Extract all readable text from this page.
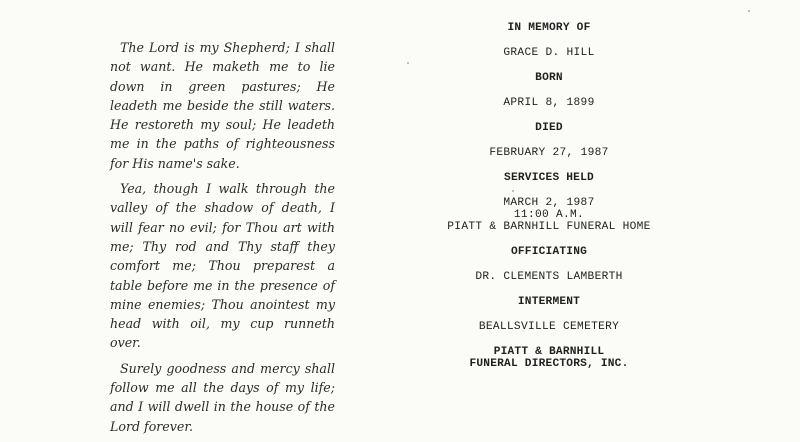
The Lord is my Shepherd; I shall not want. He maketh me to lie down in green pastures; He leadeth me beside the still waters. He restoreth my soul; He leadeth me in the paths of righteousness for His name's sake.

Yea, though I walk through the valley of the shadow of death, I will fear no evil; for Thou art with me; Thy rod and Thy staff they comfort me; Thou preparest a table before me in the presence of mine enemies; Thou anointest my head with oil, my cup runneth over.

Surely goodness and mercy shall follow me all the days of my life; and I will dwell in the house of the Lord forever.

IN MEMORY OF
GRACE D. HILL
BORN
APRIL 8, 1899
DIED
FEBRUARY 27, 1987
SERVICES HELD
MARCH 2, 1987
11:00 A.M.
PIATT & BARNHILL FUNERAL HOME
OFFICIATING
DR. CLEMENTS LAMBERTH
INTERMENT
BEALLSVILLE CEMETERY
PIATT & BARNHILL
FUNERAL DIRECTORS, INC.
